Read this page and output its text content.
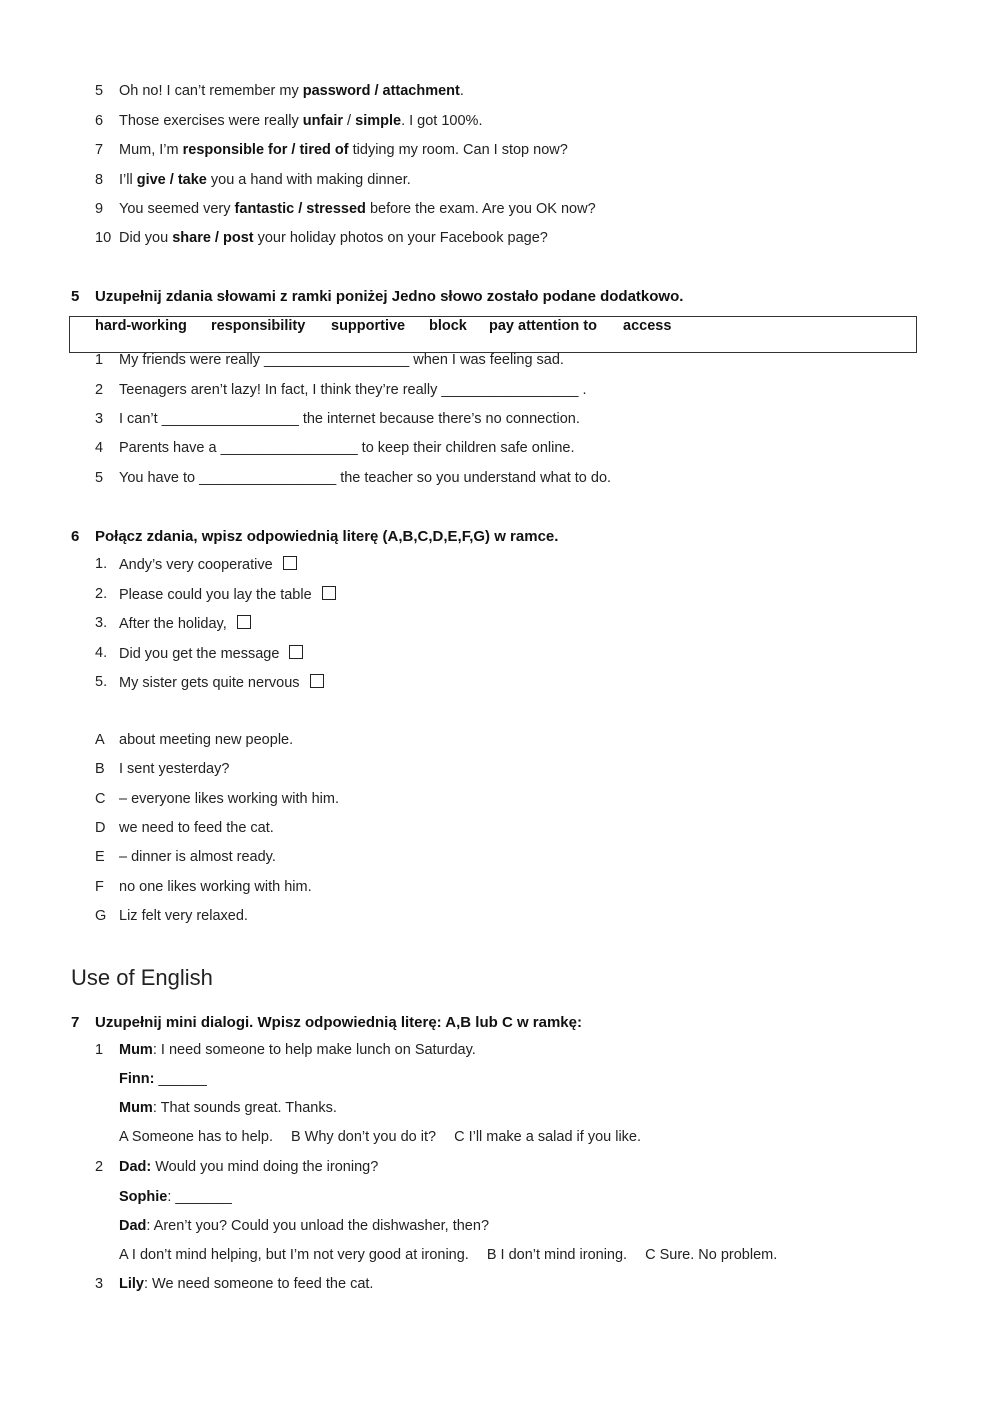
5 Oh no! I can’t remember my password / attachment.
6 Those exercises were really unfair / simple. I got 100%.
7 Mum, I’m responsible for / tired of tidying my room. Can I stop now?
8 I’ll give / take you a hand with making dinner.
9 You seemed very fantastic / stressed before the exam. Are you OK now?
10 Did you share / post your holiday photos on your Facebook page?
5 Uzupełnij zdania słowami z ramki poniżej Jedno słowo zostało podane dodatkowo.
hard-working responsibility supportive block pay attention to access
1 My friends were really __________________ when I was feeling sad.
2 Teenagers aren’t lazy! In fact, I think they’re really _________________ .
3 I can’t _________________ the internet because there’s no connection.
4 Parents have a _________________ to keep their children safe online.
5 You have to _________________ the teacher so you understand what to do.
6 Połącz zdania, wpisz odpowiednią literę (A,B,C,D,E,F,G) w ramce.
1. Andy’s very cooperative
2. Please could you lay the table
3. After the holiday,
4. Did you get the message
5. My sister gets quite nervous
A about meeting new people.
B I sent yesterday?
C – everyone likes working with him.
D we need to feed the cat.
E – dinner is almost ready.
F no one likes working with him.
G Liz felt very relaxed.
Use of English
7 Uzupełnij mini dialogi. Wpisz odpowiednią literę: A,B lub C w ramkę:
1 Mum: I need someone to help make lunch on Saturday.
Finn: ______
Mum: That sounds great. Thanks.
A Someone has to help. B Why don’t you do it? C I’ll make a salad if you like.
2 Dad: Would you mind doing the ironing?
Sophie: _______
Dad: Aren’t you? Could you unload the dishwasher, then?
A I don’t mind helping, but I’m not very good at ironing. B I don’t mind ironing. C Sure. No problem.
3 Lily: We need someone to feed the cat.
